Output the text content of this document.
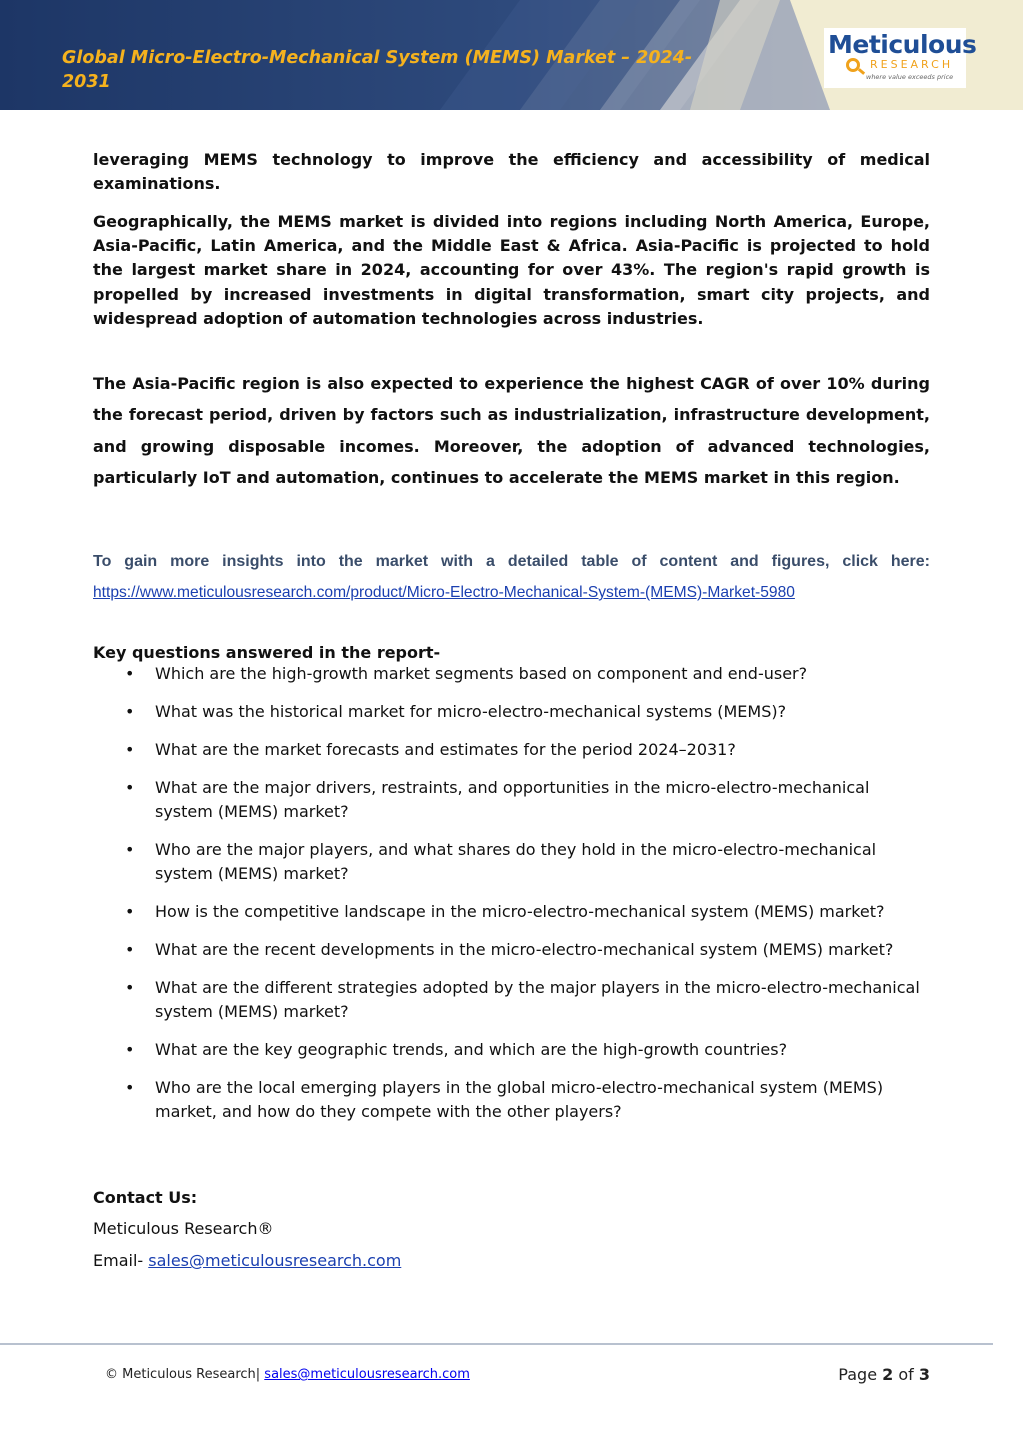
Global Micro-Electro-Mechanical System (MEMS) Market – 2024-2031

Meticulous
RESEARCH
where value exceeds price

leveraging MEMS technology to improve the efficiency and accessibility of medical examinations.

Geographically, the MEMS market is divided into regions including North America, Europe, Asia-Pacific, Latin America, and the Middle East & Africa. Asia-Pacific is projected to hold the largest market share in 2024, accounting for over 43%. The region's rapid growth is propelled by increased investments in digital transformation, smart city projects, and widespread adoption of automation technologies across industries.

The Asia-Pacific region is also expected to experience the highest CAGR of over 10% during the forecast period, driven by factors such as industrialization, infrastructure development, and growing disposable incomes. Moreover, the adoption of advanced technologies, particularly IoT and automation, continues to accelerate the MEMS market in this region.

To gain more insights into the market with a detailed table of content and figures, click here:

https://www.meticulousresearch.com/product/Micro-Electro-Mechanical-System-(MEMS)-Market-5980

Key questions answered in the report-

• Which are the high-growth market segments based on component and end-user?
• What was the historical market for micro-electro-mechanical systems (MEMS)?
• What are the market forecasts and estimates for the period 2024–2031?
• What are the major drivers, restraints, and opportunities in the micro-electro-mechanical system (MEMS) market?
• Who are the major players, and what shares do they hold in the micro-electro-mechanical system (MEMS) market?
• How is the competitive landscape in the micro-electro-mechanical system (MEMS) market?
• What are the recent developments in the micro-electro-mechanical system (MEMS) market?
• What are the different strategies adopted by the major players in the micro-electro-mechanical system (MEMS) market?
• What are the key geographic trends, and which are the high-growth countries?
• Who are the local emerging players in the global micro-electro-mechanical system (MEMS) market, and how do they compete with the other players?

Contact Us:

Meticulous Research®

Email- sales@meticulousresearch.com

© Meticulous Research| sales@meticulousresearch.com	Page 2 of 3
